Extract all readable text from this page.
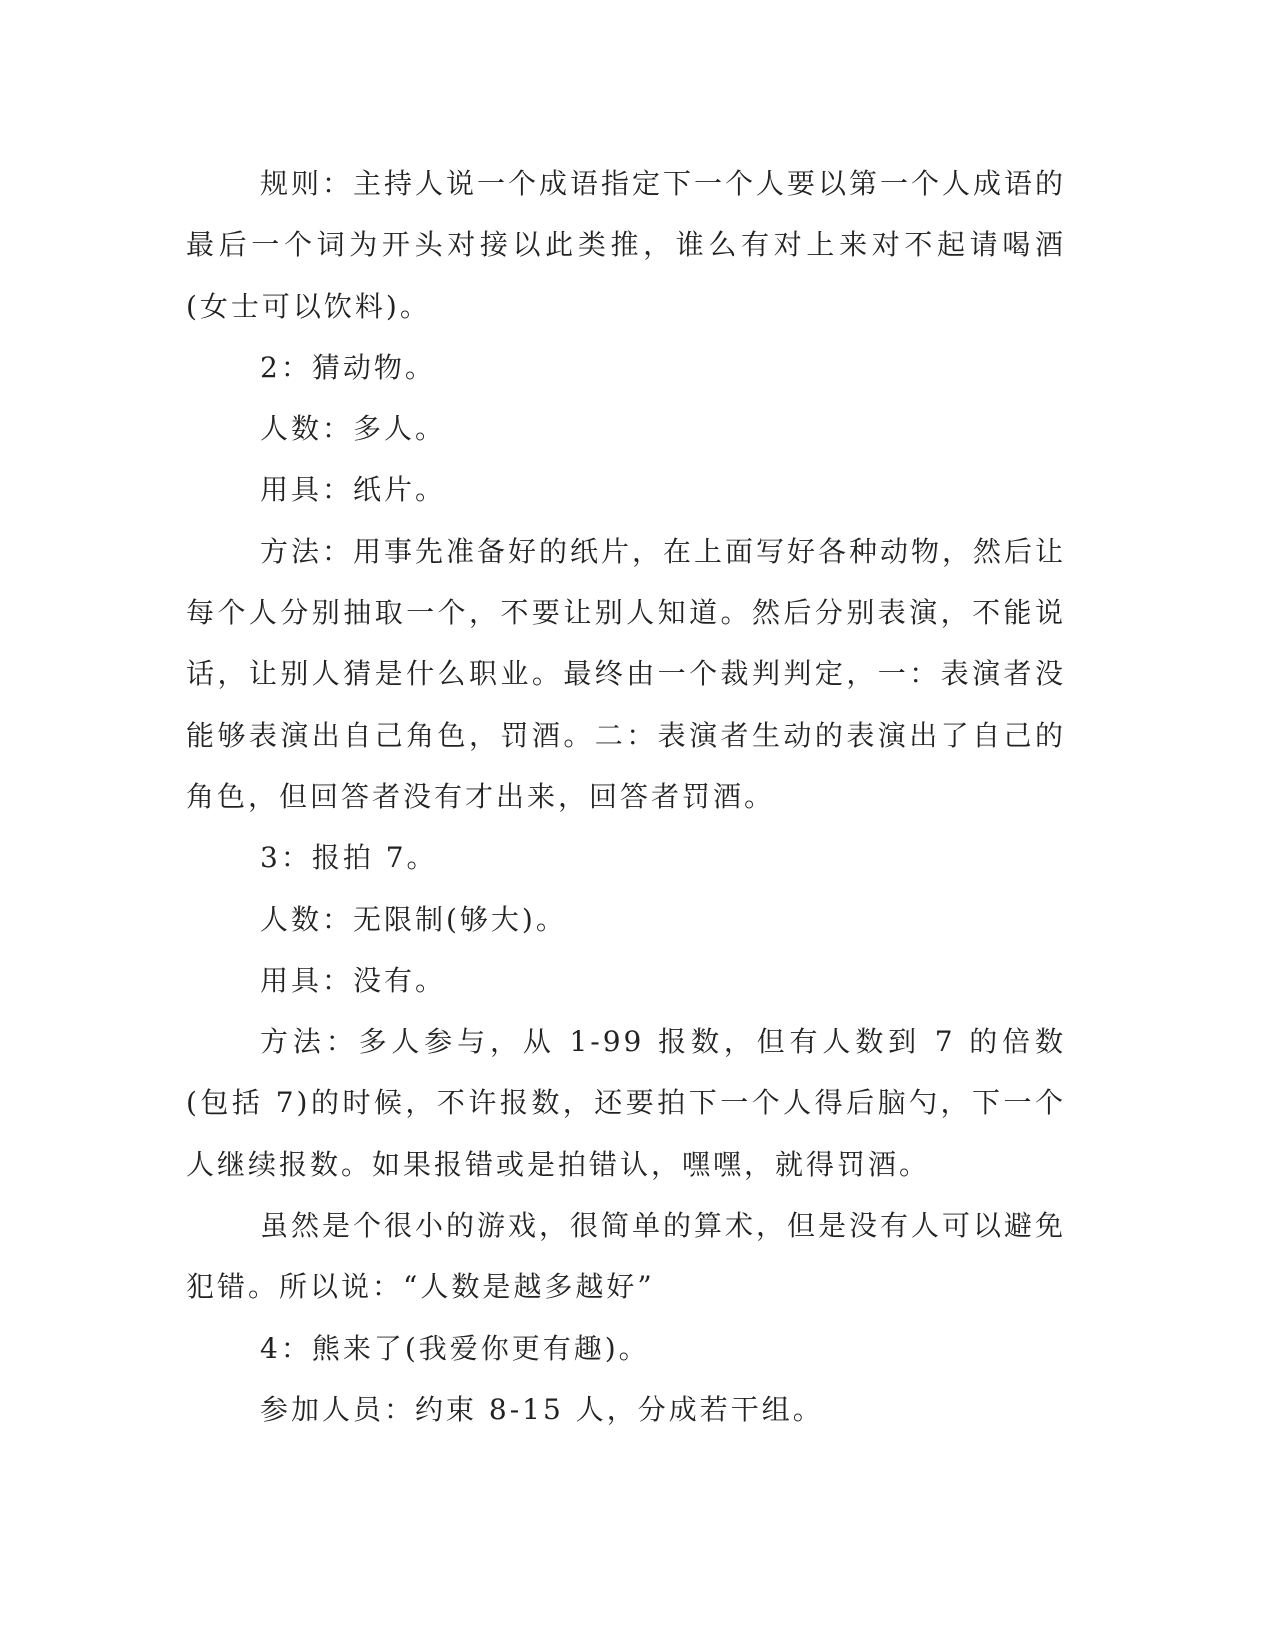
规则：主持人说一个成语指定下一个人要以第一个人成语的最后一个词为开头对接以此类推，谁么有对上来对不起请喝酒(女士可以饮料)。

2：猜动物。

人数：多人。

用具：纸片。

方法：用事先准备好的纸片，在上面写好各种动物，然后让每个人分别抽取一个，不要让别人知道。然后分别表演，不能说话，让别人猜是什么职业。最终由一个裁判判定，一：表演者没能够表演出自己角色，罚酒。二：表演者生动的表演出了自己的角色，但回答者没有才出来，回答者罚酒。

3：报拍 7。

人数：无限制(够大)。

用具：没有。

方法：多人参与，从 1-99 报数，但有人数到 7 的倍数(包括 7)的时候，不许报数，还要拍下一个人得后脑勺，下一个人继续报数。如果报错或是拍错认，嘿嘿，就得罚酒。

虽然是个很小的游戏，很简单的算术，但是没有人可以避免犯错。所以说：“人数是越多越好”

4：熊来了(我爱你更有趣)。

参加人员：约束 8-15 人，分成若干组。
